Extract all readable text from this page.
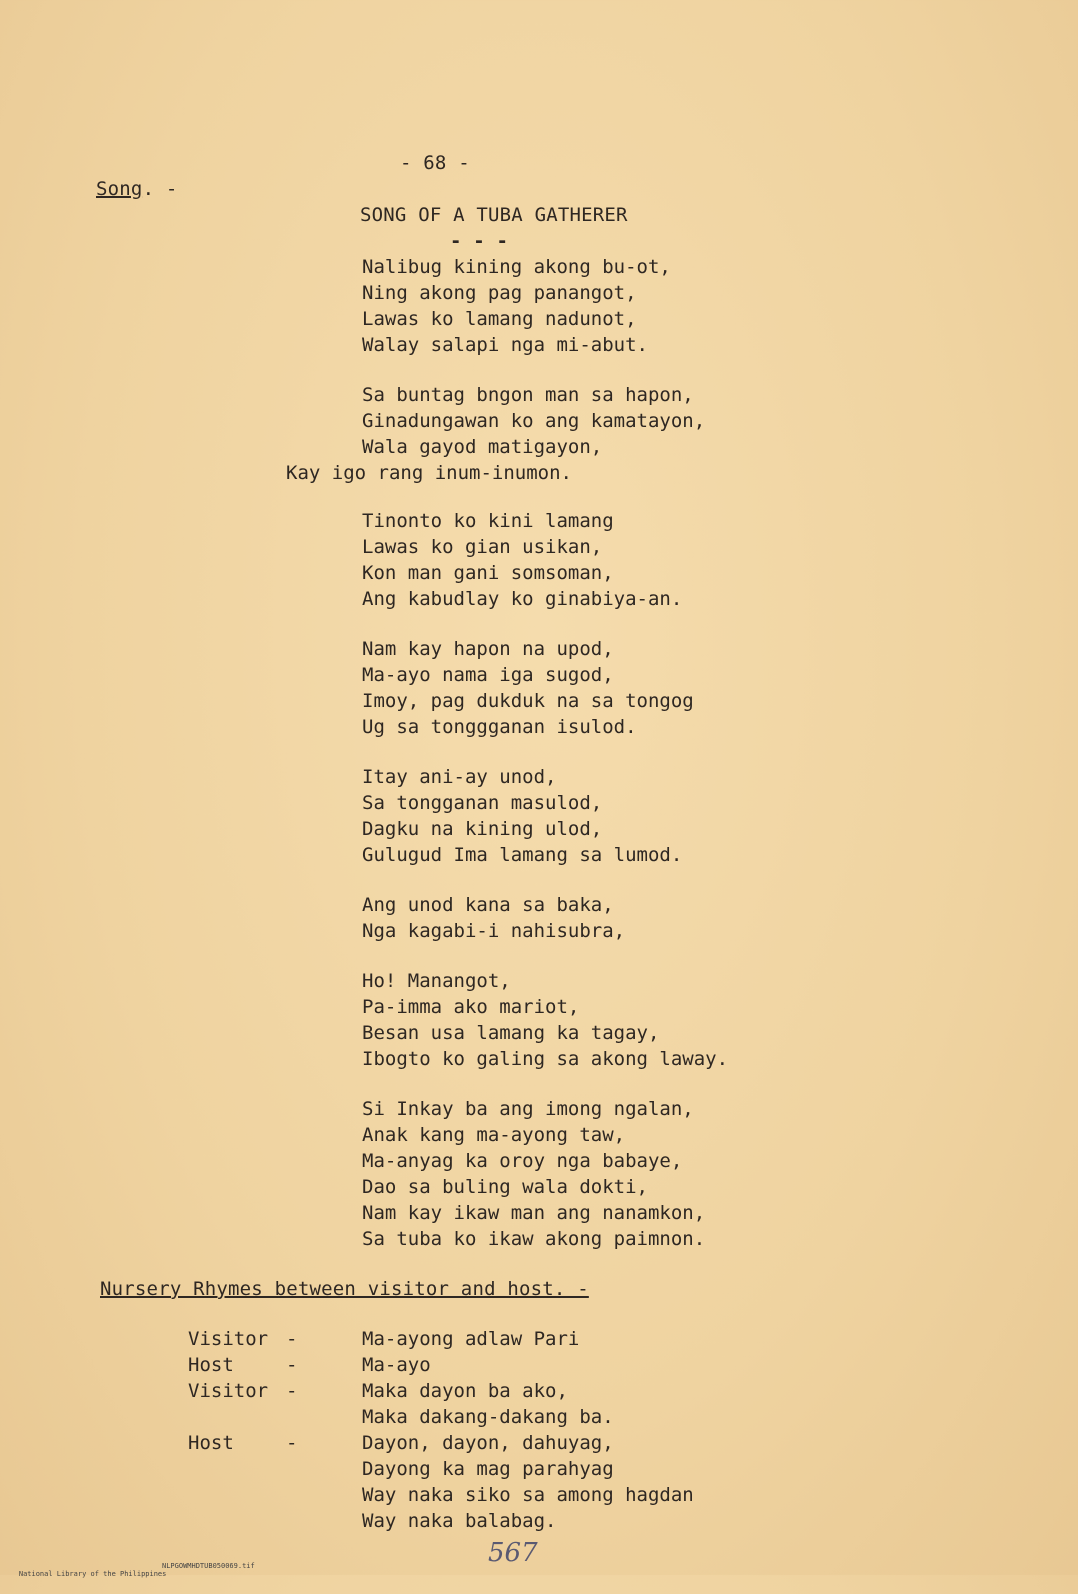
- 68 -
Song. -
SONG OF A TUBA GATHERER
- - -
Nalibug kining akong bu-ot,
Ning akong pag panangot,
Lawas ko lamang nadunot,
Walay salapi nga mi-abut.
Sa buntag bngon man sa hapon,
Ginadungawan ko ang kamatayon,
Wala gayod matigayon,
Kay igo rang inum-inumon.
Tinonto ko kini lamang
Lawas ko gian usikan,
Kon man gani somsoman,
Ang kabudlay ko ginabiya-an.
Nam kay hapon na upod,
Ma-ayo nama iga sugod,
Imoy, pag dukduk na sa tongog
Ug sa tonggganan isulod.
Itay ani-ay unod,
Sa tongganan masulod,
Dagku na kining ulod,
Gulugud Ima lamang sa lumod.
Ang unod kana sa baka,
Nga kagabi-i nahisubra,
Ho! Manangot,
Pa-imma ako mariot,
Besan usa lamang ka tagay,
Ibogto ko galing sa akong laway.
Si Inkay ba ang imong ngalan,
Anak kang ma-ayong taw,
Ma-anyag ka oroy nga babaye,
Dao sa buling wala dokti,
Nam kay ikaw man ang nanamkon,
Sa tuba ko ikaw akong paimnon.
Nursery Rhymes between visitor and host. -
Visitor -	Ma-ayong adlaw Pari
Host	-	Ma-ayo
Visitor -	Maka dayon ba ako,
Maka dakang-dakang ba.
Host	-	Dayon, dayon, dahuyag,
Dayong ka mag parahyag
Way naka siko sa among hagdan
Way naka balabag.
567

National Library of the Philippines

NLPGOWMHDTUB050069.tif
